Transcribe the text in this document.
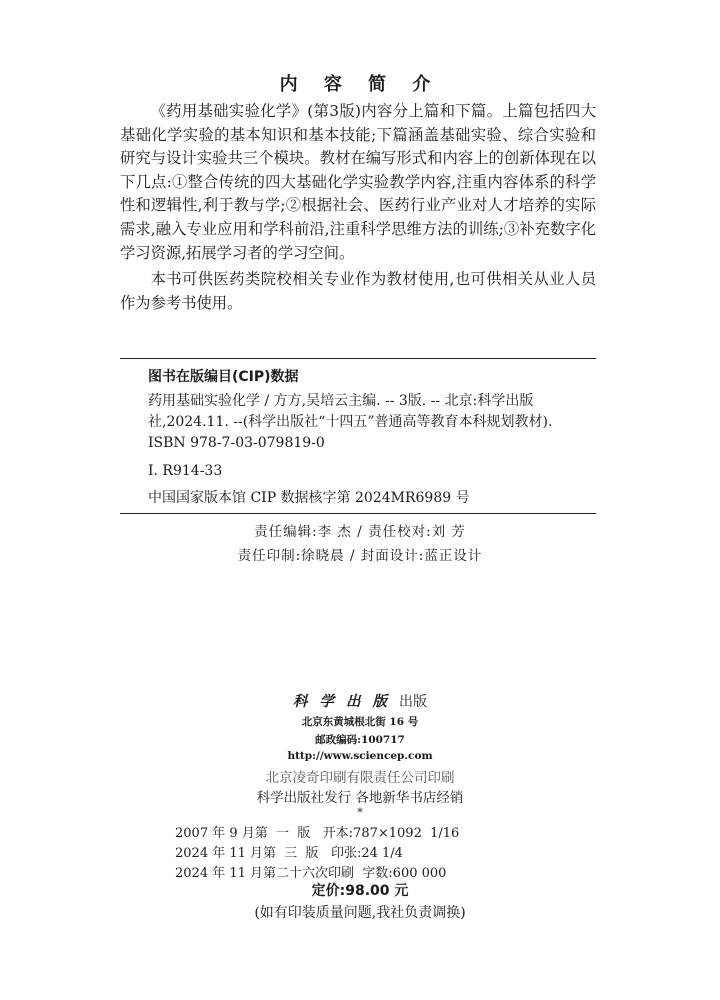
内 容 简 介

《药用基础实验化学》(第3版)内容分上篇和下篇。上篇包括四大基础化学实验的基本知识和基本技能;下篇涵盖基础实验、综合实验和研究与设计实验共三个模块。教材在编写形式和内容上的创新体现在以下几点:①整合传统的四大基础化学实验教学内容,注重内容体系的科学性和逻辑性,利于教与学;②根据社会、医药行业产业对人才培养的实际需求,融入专业应用和学科前沿,注重科学思维方法的训练;③补充数字化学习资源,拓展学习者的学习空间。

本书可供医药类院校相关专业作为教材使用,也可供相关从业人员作为参考书使用。

图书在版编目(CIP)数据
药用基础实验化学 / 方方,吴培云主编. -- 3版. -- 北京:科学出版社,2024.11. --(科学出版社“十四五”普通高等教育本科规划教材).
ISBN 978-7-03-079819-0
Ⅰ. R914-33
中国国家版本馆 CIP 数据核字第 2024MR6989 号
责任编辑:李 杰 / 责任校对:刘 芳
责任印制:徐晓晨 / 封面设计:蓝正设计
科学出版出版
北京东黄城根北街 16 号
邮政编码:100717
http://www.sciencep.com
北京凌奇印刷有限责任公司印刷
科学出版社发行 各地新华书店经销
*
2007 年 9 月第  一  版   开本:787×1092  1/16
2024 年 11 月第  三  版   印张:24 1/4
2024 年 11 月第二十六次印刷  字数:600 000
定价:98.00 元
(如有印装质量问题,我社负责调换)
